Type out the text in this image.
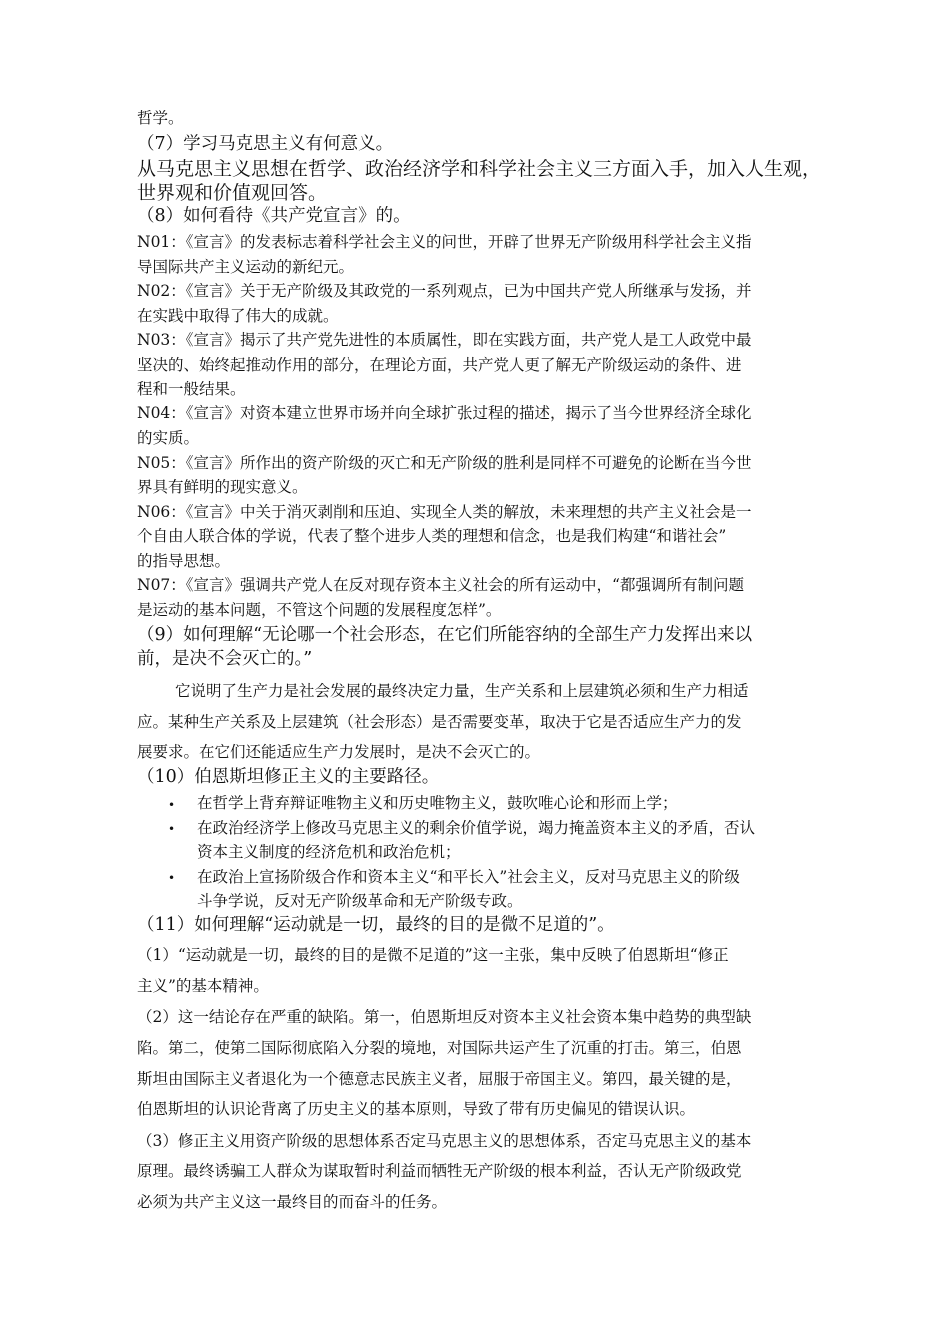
哲学。
（7）学习马克思主义有何意义。
从马克思主义思想在哲学、政治经济学和科学社会主义三方面入手，加入人生观，
世界观和价值观回答。
（8）如何看待《共产党宣言》的。
N01：《宣言》的发表标志着科学社会主义的问世，开辟了世界无产阶级用科学社会主义指
导国际共产主义运动的新纪元。
N02：《宣言》关于无产阶级及其政党的一系列观点，已为中国共产党人所继承与发扬，并
在实践中取得了伟大的成就。
N03：《宣言》揭示了共产党先进性的本质属性，即在实践方面，共产党人是工人政党中最
坚决的、始终起推动作用的部分，在理论方面，共产党人更了解无产阶级运动的条件、进
程和一般结果。
N04：《宣言》对资本建立世界市场并向全球扩张过程的描述，揭示了当今世界经济全球化
的实质。
N05：《宣言》所作出的资产阶级的灭亡和无产阶级的胜利是同样不可避免的论断在当今世
界具有鲜明的现实意义。
N06：《宣言》中关于消灭剥削和压迫、实现全人类的解放，未来理想的共产主义社会是一
个自由人联合体的学说，代表了整个进步人类的理想和信念，也是我们构建“和谐社会”
的指导思想。
N07：《宣言》强调共产党人在反对现存资本主义社会的所有运动中，“都强调所有制问题
是运动的基本问题，不管这个问题的发展程度怎样”。
（9）如何理解“无论哪一个社会形态，在它们所能容纳的全部生产力发挥出来以
前，是决不会灭亡的。”
它说明了生产力是社会发展的最终决定力量，生产关系和上层建筑必须和生产力相适
应。某种生产关系及上层建筑（社会形态）是否需要变革，取决于它是否适应生产力的发
展要求。在它们还能适应生产力发展时，是决不会灭亡的。
（10）伯恩斯坦修正主义的主要路径。
• 在哲学上背弃辩证唯物主义和历史唯物主义，鼓吹唯心论和形而上学；
• 在政治经济学上修改马克思主义的剩余价值学说，竭力掩盖资本主义的矛盾，否认
资本主义制度的经济危机和政治危机；
• 在政治上宣扬阶级合作和资本主义“和平长入”社会主义，反对马克思主义的阶级
斗争学说，反对无产阶级革命和无产阶级专政。
（11）如何理解“运动就是一切，最终的目的是微不足道的”。
（1）“运动就是一切，最终的目的是微不足道的”这一主张，集中反映了伯恩斯坦“修正
主义”的基本精神。
（2）这一结论存在严重的缺陷。第一，伯恩斯坦反对资本主义社会资本集中趋势的典型缺
陷。第二，使第二国际彻底陷入分裂的境地，对国际共运产生了沉重的打击。第三，伯恩
斯坦由国际主义者退化为一个德意志民族主义者，屈服于帝国主义。第四，最关键的是，
伯恩斯坦的认识论背离了历史主义的基本原则，导致了带有历史偏见的错误认识。
（3）修正主义用资产阶级的思想体系否定马克思主义的思想体系，否定马克思主义的基本
原理。最终诱骗工人群众为谋取暂时利益而牺牲无产阶级的根本利益，否认无产阶级政党
必须为共产主义这一最终目的而奋斗的任务。
